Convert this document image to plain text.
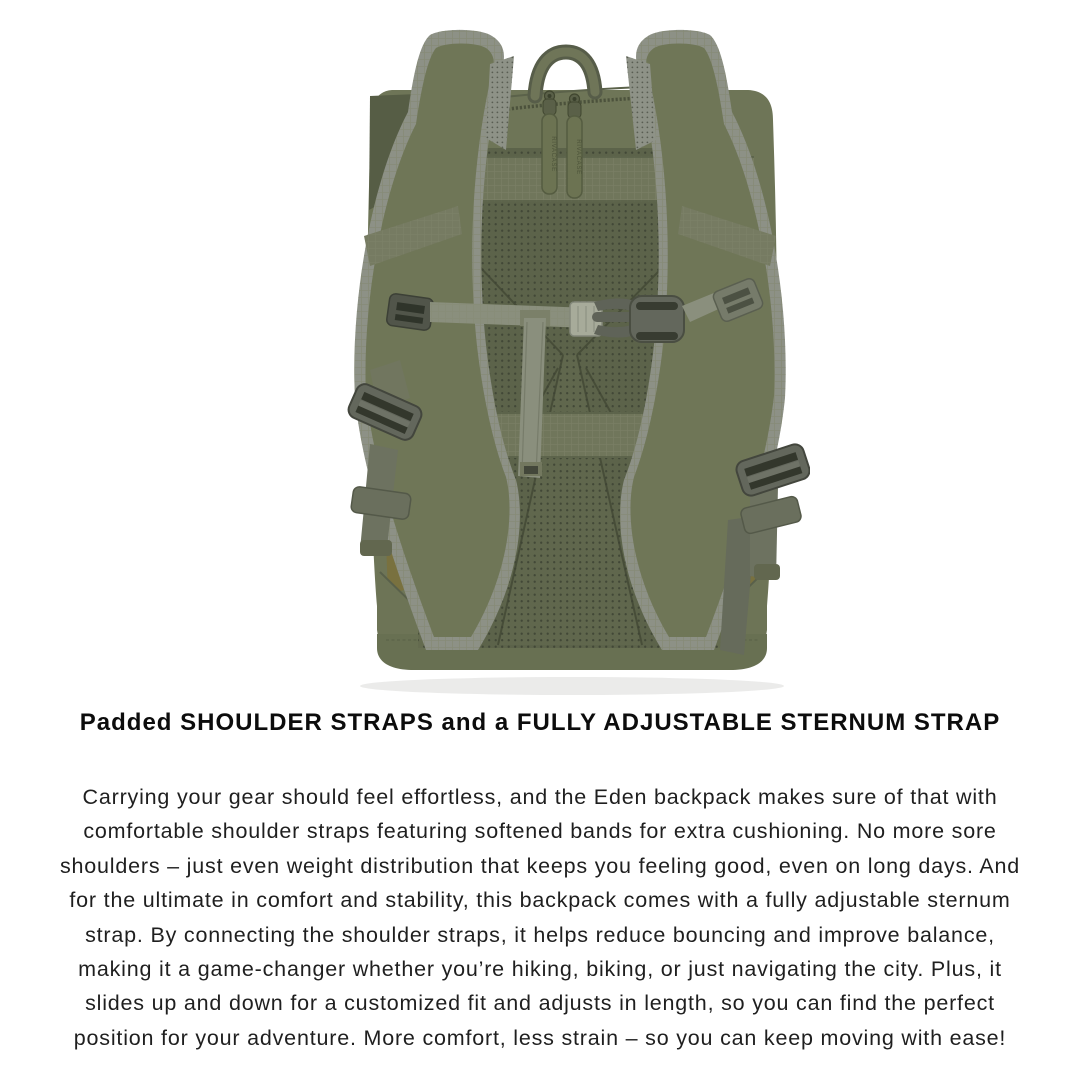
RIVACASE	RIVACASE
Padded SHOULDER STRAPS and a FULLY ADJUSTABLE STERNUM STRAP
Carrying your gear should feel effortless, and the Eden backpack makes sure of that with
comfortable shoulder straps featuring softened bands for extra cushioning. No more sore
shoulders – just even weight distribution that keeps you feeling good, even on long days. And
for the ultimate in comfort and stability, this backpack comes with a fully adjustable sternum
strap. By connecting the shoulder straps, it helps reduce bouncing and improve balance,
making it a game-changer whether you’re hiking, biking, or just navigating the city. Plus, it
slides up and down for a customized fit and adjusts in length, so you can find the perfect
position for your adventure. More comfort, less strain – so you can keep moving with ease!
